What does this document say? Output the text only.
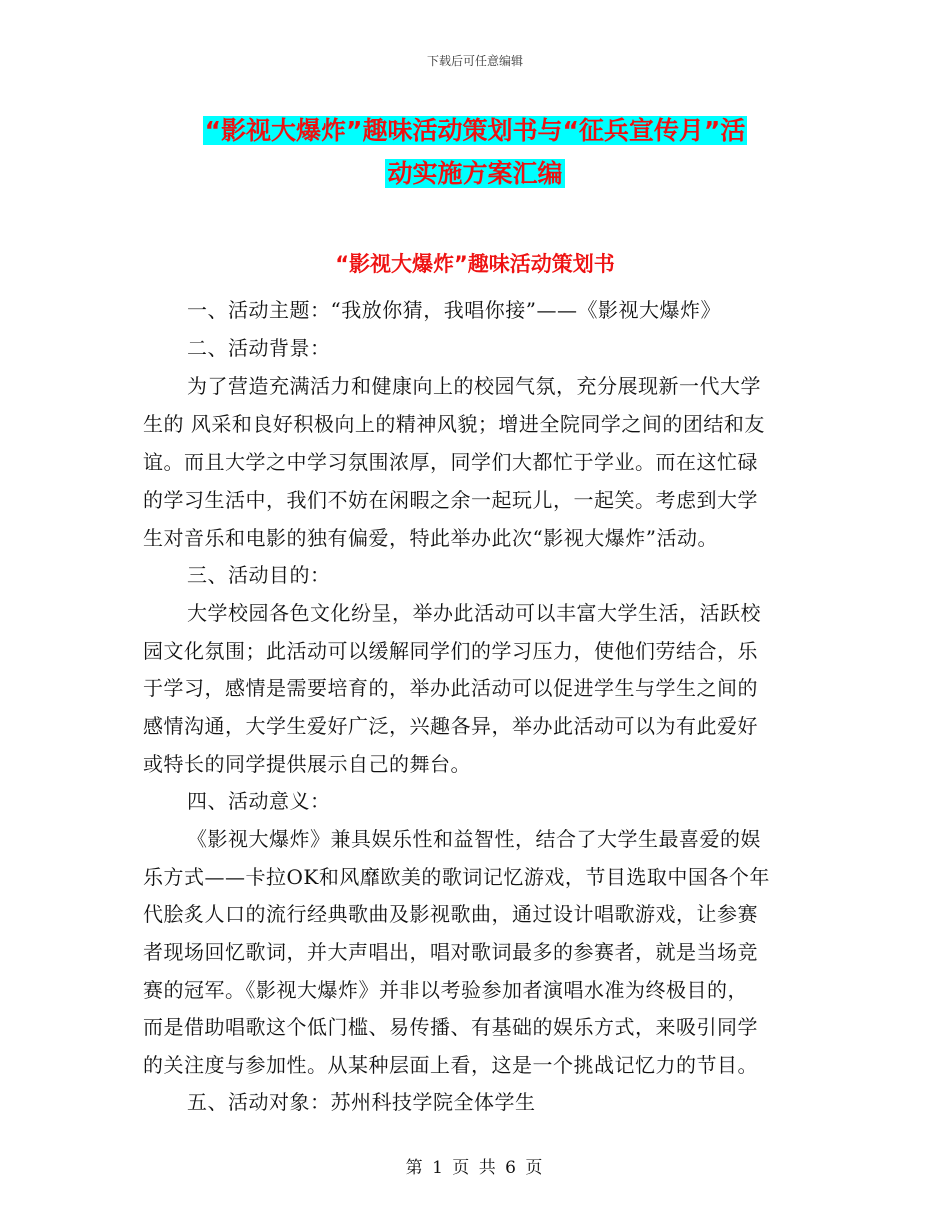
下载后可任意编辑
“影视大爆炸”趣味活动策划书与“征兵宣传月”活
动实施方案汇编
“影视大爆炸”趣味活动策划书
一、活动主题：“我放你猜，我唱你接”——《影视大爆炸》
二、活动背景：
为了营造充满活力和健康向上的校园气氛，充分展现新一代大学
生的 风采和良好积极向上的精神风貌；增进全院同学之间的团结和友
谊。而且大学之中学习氛围浓厚，同学们大都忙于学业。而在这忙碌
的学习生活中，我们不妨在闲暇之余一起玩儿，一起笑。考虑到大学
生对音乐和电影的独有偏爱，特此举办此次“影视大爆炸”活动。
三、活动目的：
大学校园各色文化纷呈，举办此活动可以丰富大学生活，活跃校
园文化氛围；此活动可以缓解同学们的学习压力，使他们劳结合，乐
于学习，感情是需要培育的，举办此活动可以促进学生与学生之间的
感情沟通，大学生爱好广泛，兴趣各异，举办此活动可以为有此爱好
或特长的同学提供展示自己的舞台。
四、活动意义：
《影视大爆炸》兼具娱乐性和益智性，结合了大学生最喜爱的娱
乐方式——卡拉OK和风靡欧美的歌词记忆游戏，节目选取中国各个年
代脍炙人口的流行经典歌曲及影视歌曲，通过设计唱歌游戏，让参赛
者现场回忆歌词，并大声唱出，唱对歌词最多的参赛者，就是当场竞
赛的冠军。《影视大爆炸》并非以考验参加者演唱水准为终极目的，
而是借助唱歌这个低门槛、易传播、有基础的娱乐方式，来吸引同学
的关注度与参加性。从某种层面上看，这是一个挑战记忆力的节目。
五、活动对象：苏州科技学院全体学生
第 1 页 共 6 页
